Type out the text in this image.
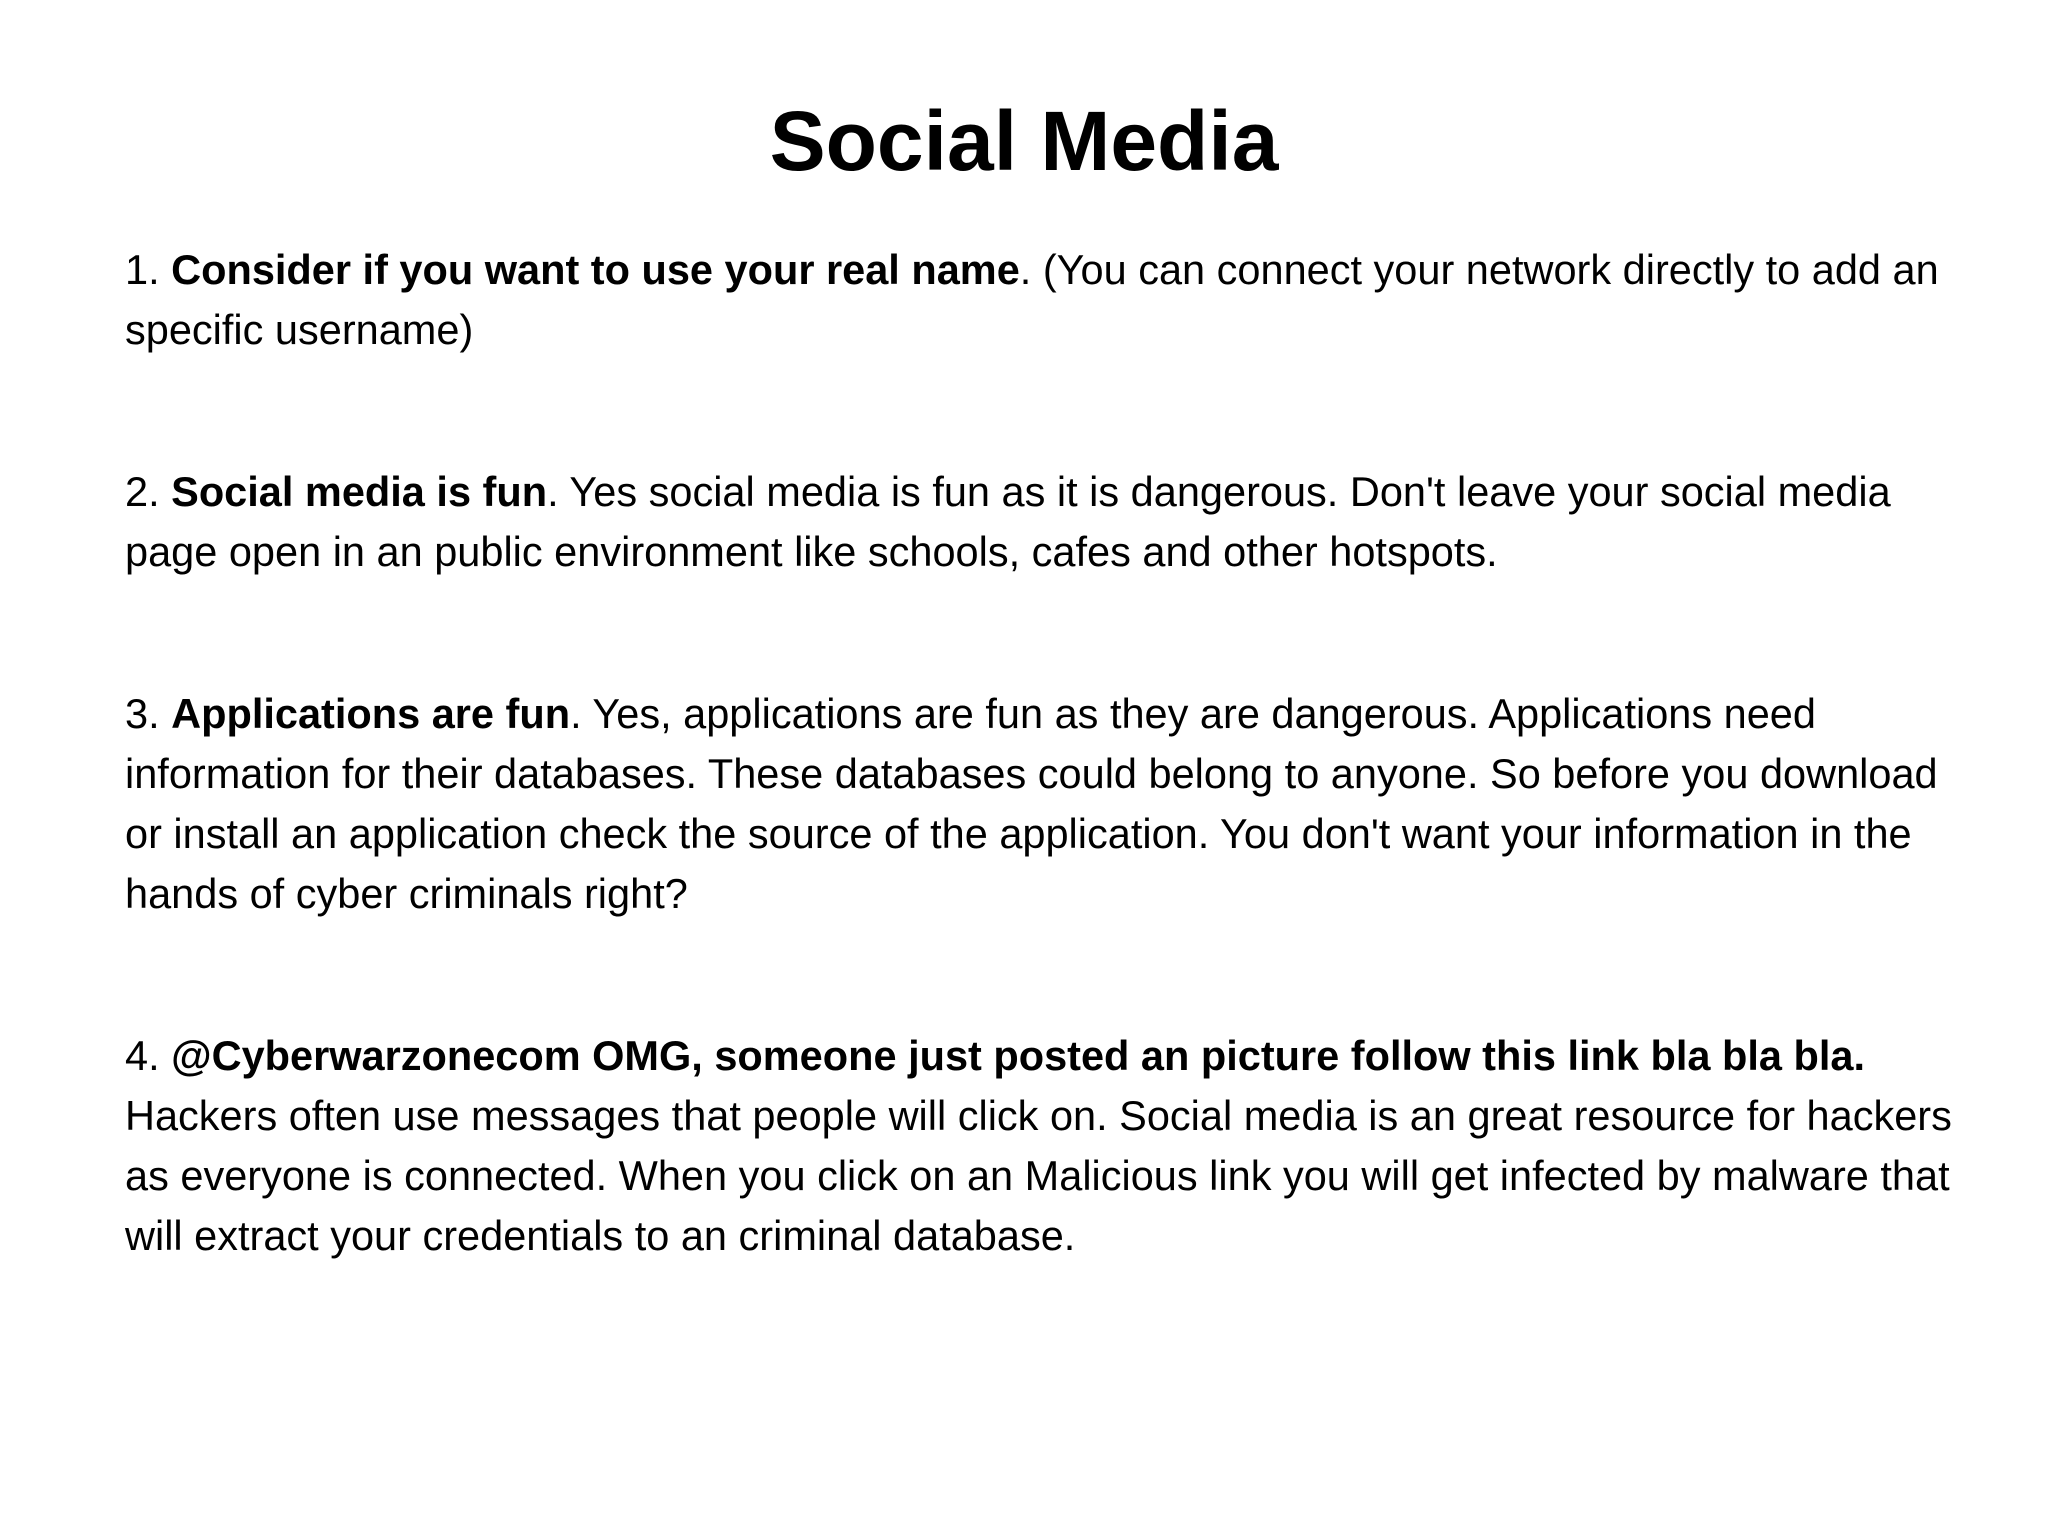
Social Media

1. Consider if you want to use your real name. (You can connect your network directly to add an specific username)

2. Social media is fun. Yes social media is fun as it is dangerous. Don't leave your social media page open in an public environment like schools, cafes and other hotspots.

3. Applications are fun. Yes, applications are fun as they are dangerous. Applications need information for their databases. These databases could belong to anyone. So before you download or install an application check the source of the application. You don't want your information in the hands of cyber criminals right?

4. @Cyberwarzonecom OMG, someone just posted an picture follow this link bla bla bla. Hackers often use messages that people will click on. Social media is an great resource for hackers as everyone is connected. When you click on an Malicious link you will get infected by malware that will extract your credentials to an criminal database.
